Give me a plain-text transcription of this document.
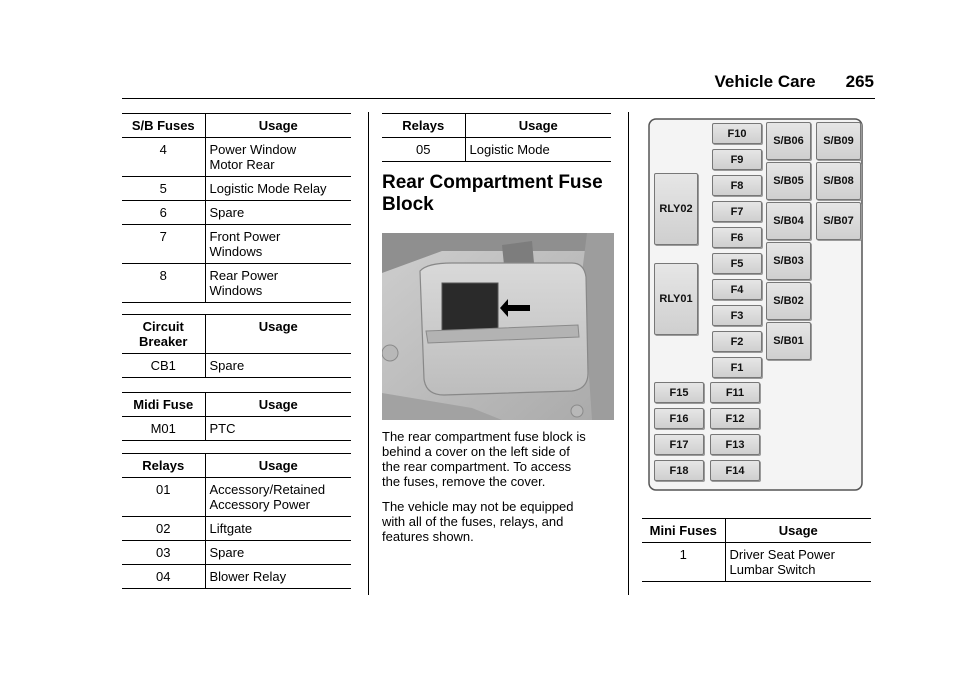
Vehicle Care 265
S/B Fuses	Usage
4	Power Window
Motor Rear
5	Logistic Mode Relay
6	Spare
7	Front Power
Windows
8	Rear Power
Windows
Circuit
Breaker	Usage
CB1	Spare
Midi Fuse	Usage
M01	PTC
Relays	Usage
01	Accessory/Retained
Accessory Power
02	Liftgate
03	Spare
04	Blower Relay
Relays	Usage
05	Logistic Mode
Rear Compartment Fuse
Block

The rear compartment fuse block is
behind a cover on the left side of
the rear compartment. To access
the fuses, remove the cover.

The vehicle may not be equipped
with all of the fuses, relays, and
features shown.

RLY02
RLY01
F10
F9
F8
F7
F6
F5
F4
F3
F2
F1
F15
F16
F17
F18
F11
F12
F13
F14
S/B06
S/B05
S/B04
S/B03
S/B02
S/B01
S/B09
S/B08
S/B07
Mini Fuses	Usage
1	Driver Seat Power
Lumbar Switch
